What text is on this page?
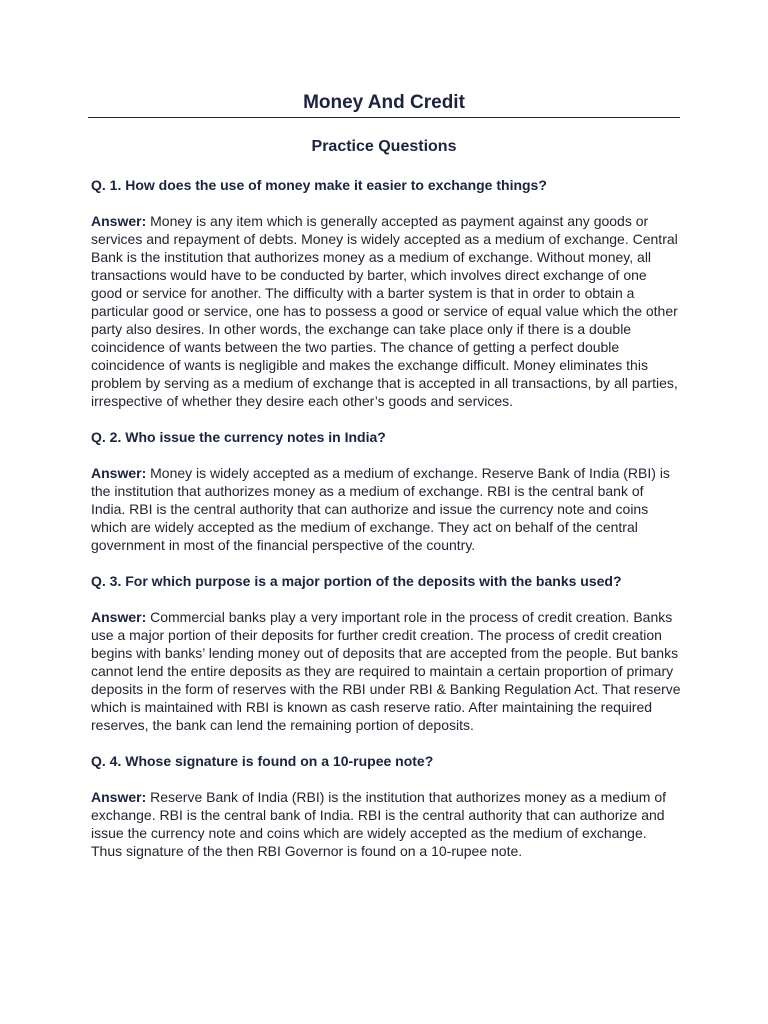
Money And Credit
Practice Questions

Q. 1. How does the use of money make it easier to exchange things?

Answer: Money is any item which is generally accepted as payment against any goods or services and repayment of debts. Money is widely accepted as a medium of exchange. Central Bank is the institution that authorizes money as a medium of exchange. Without money, all transactions would have to be conducted by barter, which involves direct exchange of one good or service for another. The difficulty with a barter system is that in order to obtain a particular good or service, one has to possess a good or service of equal value which the other party also desires. In other words, the exchange can take place only if there is a double coincidence of wants between the two parties. The chance of getting a perfect double coincidence of wants is negligible and makes the exchange difficult. Money eliminates this problem by serving as a medium of exchange that is accepted in all transactions, by all parties, irrespective of whether they desire each other’s goods and services.

Q. 2. Who issue the currency notes in India?

Answer: Money is widely accepted as a medium of exchange. Reserve Bank of India (RBI) is the institution that authorizes money as a medium of exchange. RBI is the central bank of India. RBI is the central authority that can authorize and issue the currency note and coins which are widely accepted as the medium of exchange. They act on behalf of the central government in most of the financial perspective of the country.

Q. 3. For which purpose is a major portion of the deposits with the banks used?

Answer: Commercial banks play a very important role in the process of credit creation. Banks use a major portion of their deposits for further credit creation. The process of credit creation begins with banks’ lending money out of deposits that are accepted from the people. But banks cannot lend the entire deposits as they are required to maintain a certain proportion of primary deposits in the form of reserves with the RBI under RBI & Banking Regulation Act. That reserve which is maintained with RBI is known as cash reserve ratio. After maintaining the required reserves, the bank can lend the remaining portion of deposits.

Q. 4. Whose signature is found on a 10-rupee note?

Answer: Reserve Bank of India (RBI) is the institution that authorizes money as a medium of exchange. RBI is the central bank of India. RBI is the central authority that can authorize and issue the currency note and coins which are widely accepted as the medium of exchange. Thus signature of the then RBI Governor is found on a 10-rupee note.
